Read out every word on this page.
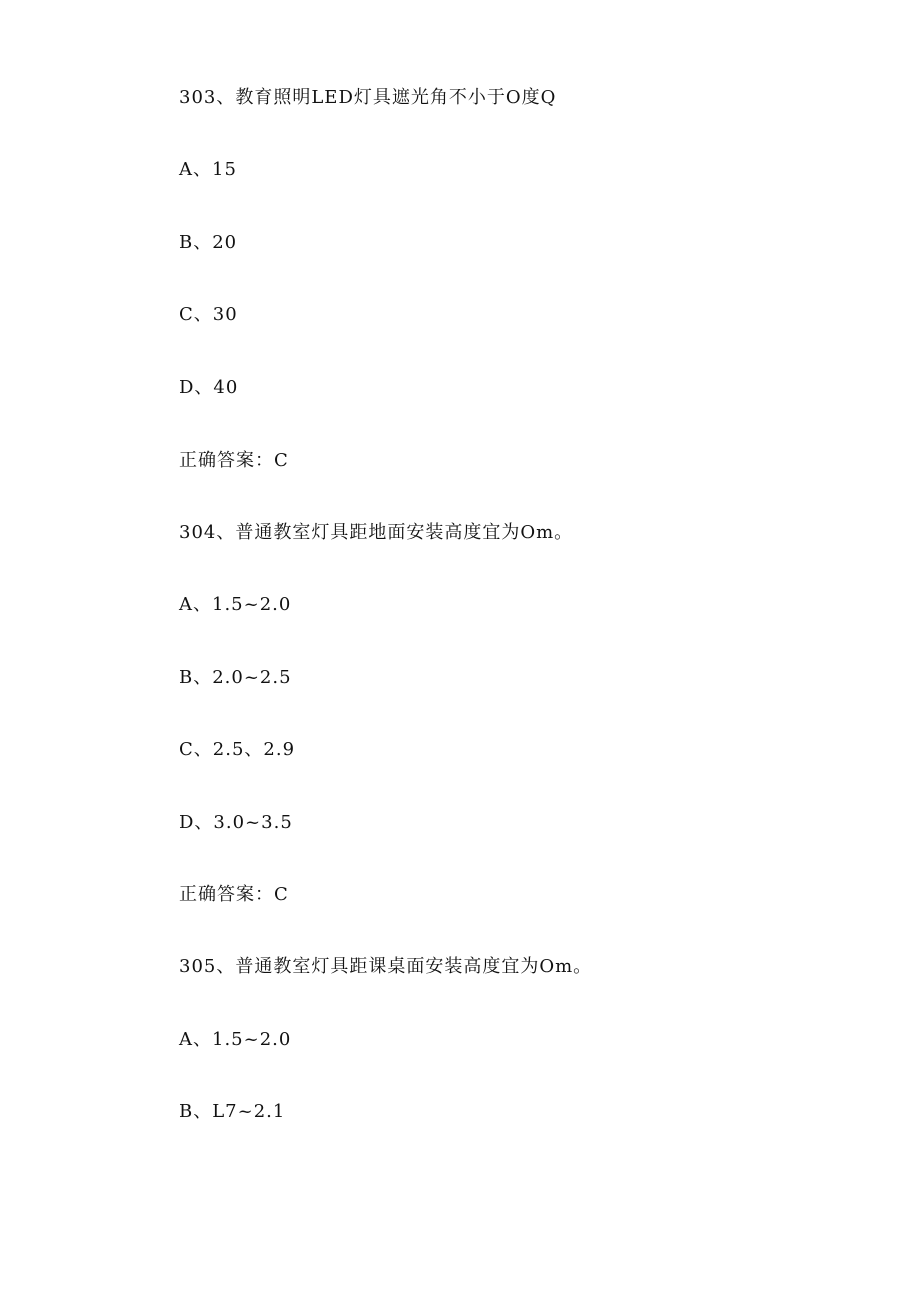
303、教育照明LED灯具遮光角不小于O度Q
A、15
B、20
C、30
D、40
正确答案：C
304、普通教室灯具距地面安装高度宜为Om。
A、1.5~2.0
B、2.0~2.5
C、2.5、2.9
D、3.0~3.5
正确答案：C
305、普通教室灯具距课桌面安装高度宜为Om。
A、1.5~2.0
B、L7~2.1
